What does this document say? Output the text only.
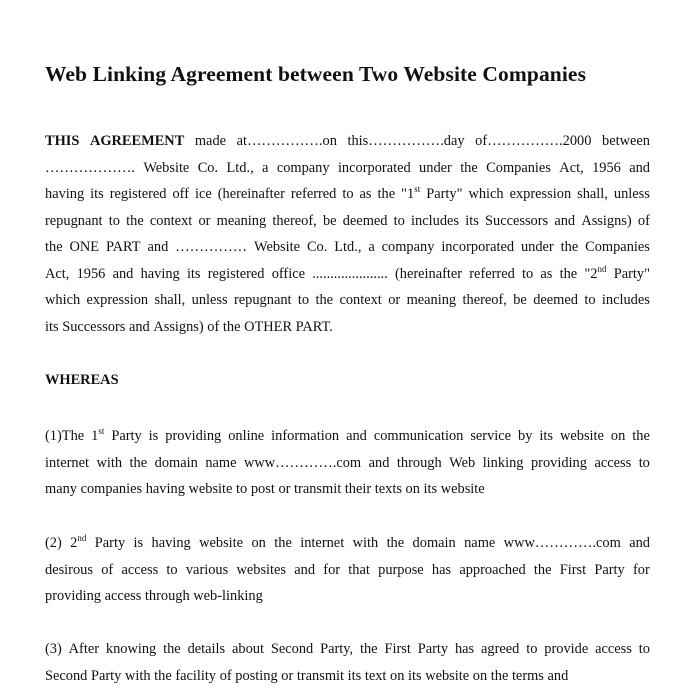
Web Linking Agreement between Two Website Companies
THIS AGREEMENT made at…………….on this…………….day of…………….2000 between
………………. Website Co. Ltd., a company incorporated under the Companies Act, 1956 and
having its registered off ice (hereinafter referred to as the "1st Party" which expression shall, unless
repugnant to the context or meaning thereof, be deemed to includes its Successors and Assigns) of
the ONE PART and …………… Website Co. Ltd., a company incorporated under the Companies
Act, 1956 and having its registered office ..................... (hereinafter referred to as the "2nd Party"
which expression shall, unless repugnant to the context or meaning thereof, be deemed to includes
its Successors and Assigns) of the OTHER PART.
WHEREAS
(1)The 1st Party is providing online information and communication service by its website on the
internet with the domain name www………….com and through Web linking providing access to
many companies having website to post or transmit their texts on its website
(2) 2nd Party is having website on the internet with the domain name www………….com and
desirous of access to various websites and for that purpose has approached the First Party for
providing access through web-linking
(3) After knowing the details about Second Party, the First Party has agreed to provide access to
Second Party with the facility of posting or transmit its text on its website on the terms and
